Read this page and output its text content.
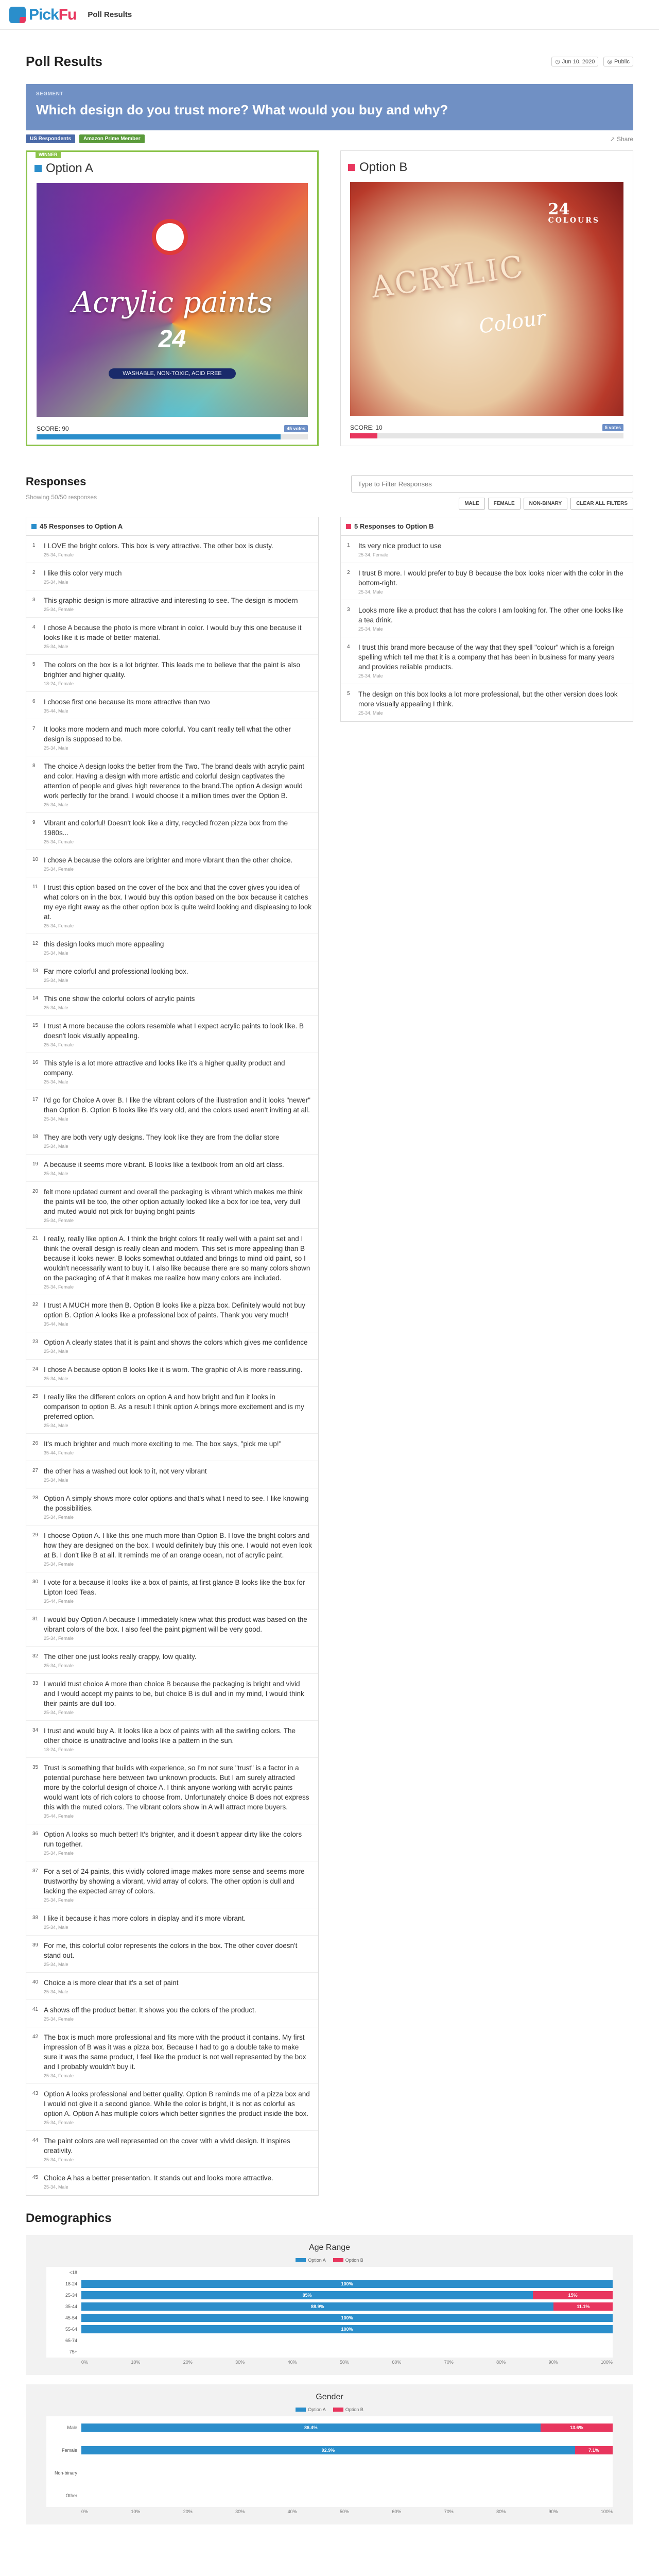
PickFu Poll Results
Poll Results	◷ Jun 10, 2020 ◎ Public
SEGMENT
Which design do you trust more? What would you buy and why?
US Respondents	Amazon Prime Member	↗ Share
WINNER
Option A
Acrylic paints
24
WASHABLE, NON-TOXIC, ACID FREE
SCORE: 90	45 votes
Option B
24
COLOURS
ACRYLIC
Colour
SCORE: 10	5 votes
Responses
Showing 50/50 responses
Type to Filter Responses
MALE	FEMALE	NON-BINARY	CLEAR ALL FILTERS
45 Responses to Option A
1	I LOVE the bright colors. This box is very attractive. The other box is dusty.
25-34, Female
2	I like this color very much
25-34, Male
3	This graphic design is more attractive and interesting to see. The design is modern
25-34, Female
4	I chose A because the photo is more vibrant in color. I would buy this one because it looks like it is made of better material.
25-34, Male
5	The colors on the box is a lot brighter. This leads me to believe that the paint is also brighter and higher quality.
18-24, Female
6	I choose first one because its more attractive than two
35-44, Male
7	It looks more modern and much more colorful. You can't really tell what the other design is supposed to be.
25-34, Male
8	The choice A design looks the better from the Two. The brand deals with acrylic paint and color. Having a design with more artistic and colorful design captivates the attention of people and gives high reverence to the brand.The option A design would work perfectly for the brand. I would choose it a million times over the Option B.
25-34, Male
9	Vibrant and colorful! Doesn't look like a dirty, recycled frozen pizza box from the 1980s...
25-34, Female
10 I chose A because the colors are brighter and more vibrant than the other choice.
25-34, Female
11 I trust this option based on the cover of the box and that the cover gives you idea of what colors on in the box. I would buy this option based on the box because it catches my eye right away as the other option box is quite weird looking and displeasing to look at.
25-34, Female
12 this design looks much more appealing
25-34, Male
13 Far more colorful and professional looking box.
25-34, Male
14 This one show the colorful colors of acrylic paints
25-34, Male
15 I trust A more because the colors resemble what I expect acrylic paints to look like. B doesn't look visually appealing.
25-34, Female
16 This style is a lot more attractive and looks like it's a higher quality product and company.
25-34, Male
17 I'd go for Choice A over B. I like the vibrant colors of the illustration and it looks "newer" than Option B. Option B looks like it's very old, and the colors used aren't inviting at all.
25-34, Male
18 They are both very ugly designs. They look like they are from the dollar store
25-34, Male
19 A because it seems more vibrant. B looks like a textbook from an old art class.
25-34, Male
20 felt more updated current and overall the packaging is vibrant which makes me think the paints will be too, the other option actually looked like a box for ice tea, very dull and muted would not pick for buying bright paints
25-34, Female
21 I really, really like option A. I think the bright colors fit really well with a paint set and I think the overall design is really clean and modern. This set is more appealing than B because it looks newer. B looks somewhat outdated and brings to mind old paint, so I wouldn't necessarily want to buy it. I also like because there are so many colors shown on the packaging of A that it makes me realize how many colors are included.
25-34, Female
22 I trust A MUCH more then B. Option B looks like a pizza box. Definitely would not buy option B. Option A looks like a professional box of paints. Thank you very much!
35-44, Male
23 Option A clearly states that it is paint and shows the colors which gives me confidence
25-34, Male
24 I chose A because option B looks like it is worn. The graphic of A is more reassuring.
25-34, Male
25 I really like the different colors on option A and how bright and fun it looks in comparison to option B. As a result I think option A brings more excitement and is my preferred option.
25-34, Male
26 It's much brighter and much more exciting to me. The box says, "pick me up!"
35-44, Female
27 the other has a washed out look to it, not very vibrant
25-34, Male
28 Option A simply shows more color options and that's what I need to see. I like knowing the possibilities.
25-34, Female
29 I choose Option A. I like this one much more than Option B. I love the bright colors and how they are designed on the box. I would definitely buy this one. I would not even look at B. I don't like B at all. It reminds me of an orange ocean, not of acrylic paint.
25-34, Female
30 I vote for a because it looks like a box of paints, at first glance B looks like the box for Lipton Iced Teas.
35-44, Female
31 I would buy Option A because I immediately knew what this product was based on the vibrant colors of the box. I also feel the paint pigment will be very good.
25-34, Female
32 The other one just looks really crappy, low quality.
25-34, Female
33 I would trust choice A more than choice B because the packaging is bright and vivid and I would accept my paints to be, but choice B is dull and in my mind, I would think their paints are dull too.
25-34, Female
34 I trust and would buy A. It looks like a box of paints with all the swirling colors. The other choice is unattractive and looks like a pattern in the sun.
18-24, Female
35 Trust is something that builds with experience, so I'm not sure "trust" is a factor in a potential purchase here between two unknown products. But I am surely attracted more by the colorful design of choice A. I think anyone working with acrylic paints would want lots of rich colors to choose from. Unfortunately choice B does not express this with the muted colors. The vibrant colors show in A will attract more buyers.
35-44, Female
36 Option A looks so much better! It's brighter, and it doesn't appear dirty like the colors run together.
25-34, Female
37 For a set of 24 paints, this vividly colored image makes more sense and seems more trustworthy by showing a vibrant, vivid array of colors. The other option is dull and lacking the expected array of colors.
25-34, Female
38 I like it because it has more colors in display and it's more vibrant.
25-34, Male
39 For me, this colorful color represents the colors in the box. The other cover doesn't stand out.
25-34, Male
40 Choice a is more clear that it's a set of paint
25-34, Male
41 A shows off the product better. It shows you the colors of the product.
25-34, Female
42 The box is much more professional and fits more with the product it contains. My first impression of B was it was a pizza box. Because I had to go a double take to make sure it was the same product, I feel like the product is not well represented by the box and I probably wouldn't buy it.
25-34, Female
43 Option A looks professional and better quality. Option B reminds me of a pizza box and I would not give it a second glance. While the color is bright, it is not as colorful as option A. Option A has multiple colors which better signifies the product inside the box.
25-34, Female
44 The paint colors are well represented on the cover with a vivid design. It inspires creativity.
25-34, Female
45 Choice A has a better presentation. It stands out and looks more attractive.
25-34, Male
5 Responses to Option B
1	Its very nice product to use
25-34, Female
2	I trust B more. I would prefer to buy B because the box looks nicer with the color in the bottom-right.
25-34, Male
3	Looks more like a product that has the colors I am looking for. The other one looks like a tea drink.
25-34, Male
4	I trust this brand more because of the way that they spell "colour" which is a foreign spelling which tell me that it is a company that has been in business for many years and provides reliable products.
25-34, Male
5	The design on this box looks a lot more professional, but the other version does look more visually appealing I think.
25-34, Male
Demographics
Age Range
Option A	Option B
<18
18-24	100%
25-34	85%	15%
35-44	88.9%	11.1%
45-54	100%
55-64	100%
65-74
75+
0%	10%	20%	30%	40%	50%	60%	70%	80%	90%	100%
Gender
Option A	Option B
Male	86.4%	13.6%
Female	92.9%	7.1%
Non-binary
Other
0%	10%	20%	30%	40%	50%	60%	70%	80%	90%	100%
